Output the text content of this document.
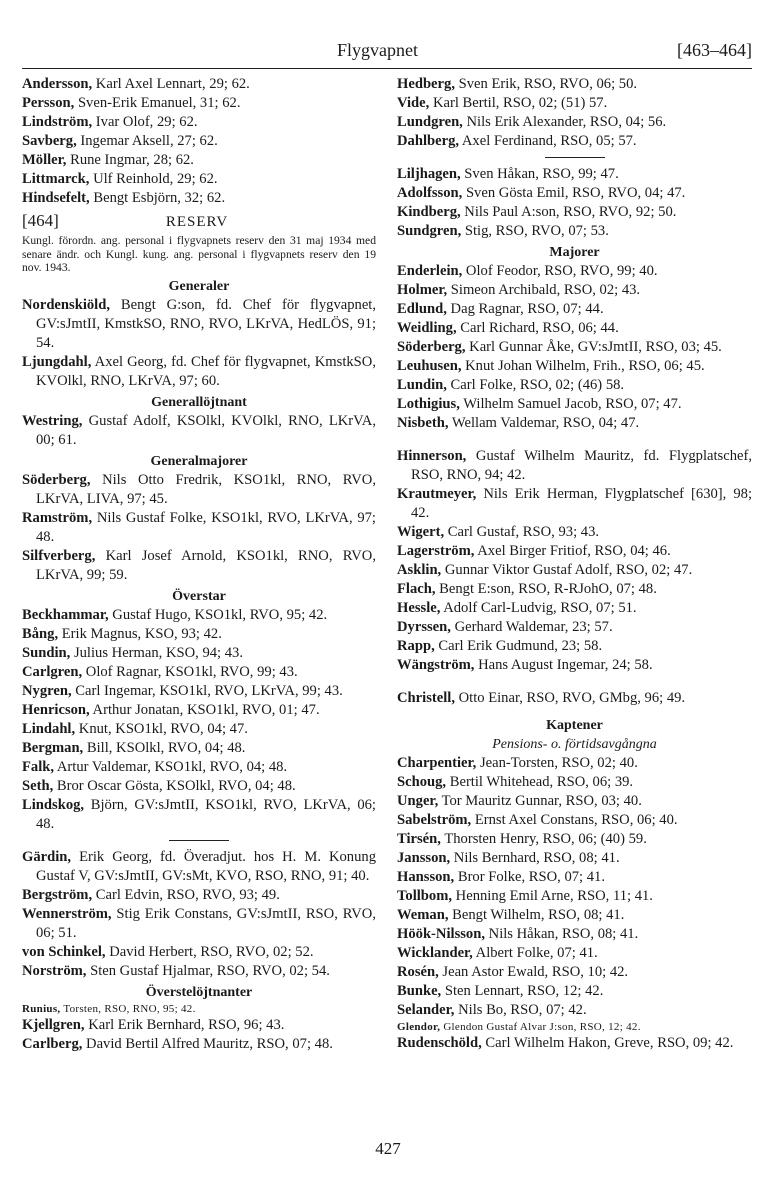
Flygvapnet	[463–464]

Andersson, Karl Axel Lennart, 29; 62.

Persson, Sven-Erik Emanuel, 31; 62.

Lindström, Ivar Olof, 29; 62.

Savberg, Ingemar Aksell, 27; 62.

Möller, Rune Ingmar, 28; 62.

Littmarck, Ulf Reinhold, 29; 62.

Hindsefelt, Bengt Esbjörn, 32; 62.

[464]	RESERV

Kungl. förordn. ang. personal i flygvapnets reserv den 31 maj 1934 med senare ändr. och Kungl. kung. ang. personal i flygvapnets reserv den 19 nov. 1943.

Generaler

Nordenskiöld, Bengt G:son, fd. Chef för flygvapnet, GV:sJmtII, KmstkSO, RNO, RVO, LKrVA, HedLÖS, 91; 54.

Ljungdahl, Axel Georg, fd. Chef för flygvapnet, KmstkSO, KVOlkl, RNO, LKrVA, 97; 60.

Generallöjtnant

Westring, Gustaf Adolf, KSOlkl, KVOlkl, RNO, LKrVA, 00; 61.

Generalmajorer

Söderberg, Nils Otto Fredrik, KSO1kl, RNO, RVO, LKrVA, LIVA, 97; 45.

Ramström, Nils Gustaf Folke, KSO1kl, RVO, LKrVA, 97; 48.

Silfverberg, Karl Josef Arnold, KSO1kl, RNO, RVO, LKrVA, 99; 59.

Överstar

Beckhammar, Gustaf Hugo, KSO1kl, RVO, 95; 42.

Bång, Erik Magnus, KSO, 93; 42.

Sundin, Julius Herman, KSO, 94; 43.

Carlgren, Olof Ragnar, KSO1kl, RVO, 99; 43.

Nygren, Carl Ingemar, KSO1kl, RVO, LKrVA, 99; 43.

Henricson, Arthur Jonatan, KSO1kl, RVO, 01; 47.

Lindahl, Knut, KSO1kl, RVO, 04; 47.

Bergman, Bill, KSOlkl, RVO, 04; 48.

Falk, Artur Valdemar, KSO1kl, RVO, 04; 48.

Seth, Bror Oscar Gösta, KSOlkl, RVO, 04; 48.

Lindskog, Björn, GV:sJmtII, KSO1kl, RVO, LKrVA, 06; 48.

Gärdin, Erik Georg, fd. Överadjut. hos H. M. Konung Gustaf V, GV:sJmtII, GV:sMt, KVO, RSO, RNO, 91; 40.

Bergström, Carl Edvin, RSO, RVO, 93; 49.

Wennerström, Stig Erik Constans, GV:sJmtII, RSO, RVO, 06; 51.

von Schinkel, David Herbert, RSO, RVO, 02; 52.

Norström, Sten Gustaf Hjalmar, RSO, RVO, 02; 54.

Överstelöjtnanter

Runius, Torsten, RSO, RNO, 95; 42.

Kjellgren, Karl Erik Bernhard, RSO, 96; 43.

Carlberg, David Bertil Alfred Mauritz, RSO, 07; 48.

Hedberg, Sven Erik, RSO, RVO, 06; 50.

Vide, Karl Bertil, RSO, 02; (51) 57.

Lundgren, Nils Erik Alexander, RSO, 04; 56.

Dahlberg, Axel Ferdinand, RSO, 05; 57.

Liljhagen, Sven Håkan, RSO, 99; 47.

Adolfsson, Sven Gösta Emil, RSO, RVO, 04; 47.

Kindberg, Nils Paul A:son, RSO, RVO, 92; 50.

Sundgren, Stig, RSO, RVO, 07; 53.

Majorer

Enderlein, Olof Feodor, RSO, RVO, 99; 40.

Holmer, Simeon Archibald, RSO, 02; 43.

Edlund, Dag Ragnar, RSO, 07; 44.

Weidling, Carl Richard, RSO, 06; 44.

Söderberg, Karl Gunnar Åke, GV:sJmtII, RSO, 03; 45.

Leuhusen, Knut Johan Wilhelm, Frih., RSO, 06; 45.

Lundin, Carl Folke, RSO, 02; (46) 58.

Lothigius, Wilhelm Samuel Jacob, RSO, 07; 47.

Nisbeth, Wellam Valdemar, RSO, 04; 47.

Hinnerson, Gustaf Wilhelm Mauritz, fd. Flygplatschef, RSO, RNO, 94; 42.

Krautmeyer, Nils Erik Herman, Flygplatschef [630], 98; 42.

Wigert, Carl Gustaf, RSO, 93; 43.

Lagerström, Axel Birger Fritiof, RSO, 04; 46.

Asklin, Gunnar Viktor Gustaf Adolf, RSO, 02; 47.

Flach, Bengt E:son, RSO, R-RJohO, 07; 48.

Hessle, Adolf Carl-Ludvig, RSO, 07; 51.

Dyrssen, Gerhard Waldemar, 23; 57.

Rapp, Carl Erik Gudmund, 23; 58.

Wängström, Hans August Ingemar, 24; 58.

Christell, Otto Einar, RSO, RVO, GMbg, 96; 49.

Kaptener

Pensions- o. förtidsavgångna

Charpentier, Jean-Torsten, RSO, 02; 40.

Schoug, Bertil Whitehead, RSO, 06; 39.

Unger, Tor Mauritz Gunnar, RSO, 03; 40.

Sabelström, Ernst Axel Constans, RSO, 06; 40.

Tirsén, Thorsten Henry, RSO, 06; (40) 59.

Jansson, Nils Bernhard, RSO, 08; 41.

Hansson, Bror Folke, RSO, 07; 41.

Tollbom, Henning Emil Arne, RSO, 11; 41.

Weman, Bengt Wilhelm, RSO, 08; 41.

Höök-Nilsson, Nils Håkan, RSO, 08; 41.

Wicklander, Albert Folke, 07; 41.

Rosén, Jean Astor Ewald, RSO, 10; 42.

Bunke, Sten Lennart, RSO, 12; 42.

Selander, Nils Bo, RSO, 07; 42.

Glendor, Glendon Gustaf Alvar J:son, RSO, 12; 42.

Rudenschöld, Carl Wilhelm Hakon, Greve, RSO, 09; 42.

427
